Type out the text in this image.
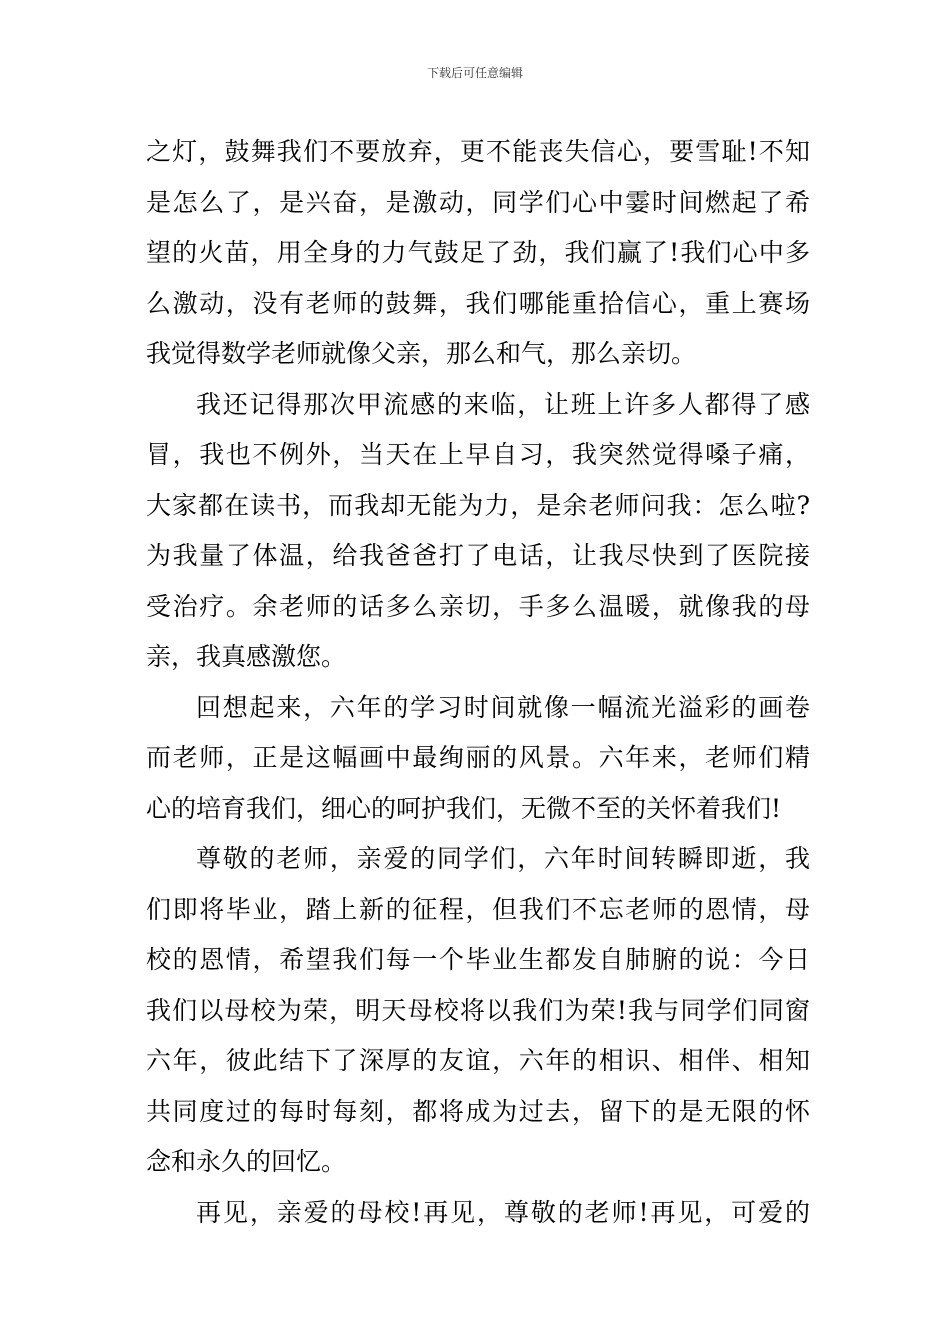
下载后可任意编辑
之灯，鼓舞我们不要放弃，更不能丧失信心，要雪耻!不知
是怎么了，是兴奋，是激动，同学们心中霎时间燃起了希
望的火苗，用全身的力气鼓足了劲，我们赢了!我们心中多
么激动，没有老师的鼓舞，我们哪能重拾信心，重上赛场
我觉得数学老师就像父亲，那么和气，那么亲切。
我还记得那次甲流感的来临，让班上许多人都得了感
冒，我也不例外，当天在上早自习，我突然觉得嗓子痛，
大家都在读书，而我却无能为力，是余老师问我：怎么啦?
为我量了体温，给我爸爸打了电话，让我尽快到了医院接
受治疗。余老师的话多么亲切，手多么温暖，就像我的母
亲，我真感激您。
回想起来，六年的学习时间就像一幅流光溢彩的画卷
而老师，正是这幅画中最绚丽的风景。六年来，老师们精
心的培育我们，细心的呵护我们，无微不至的关怀着我们!
尊敬的老师，亲爱的同学们，六年时间转瞬即逝，我
们即将毕业，踏上新的征程，但我们不忘老师的恩情，母
校的恩情，希望我们每一个毕业生都发自肺腑的说：今日
我们以母校为荣，明天母校将以我们为荣!我与同学们同窗
六年，彼此结下了深厚的友谊，六年的相识、相伴、相知
共同度过的每时每刻，都将成为过去，留下的是无限的怀
念和永久的回忆。
再见，亲爱的母校!再见，尊敬的老师!再见，可爱的
